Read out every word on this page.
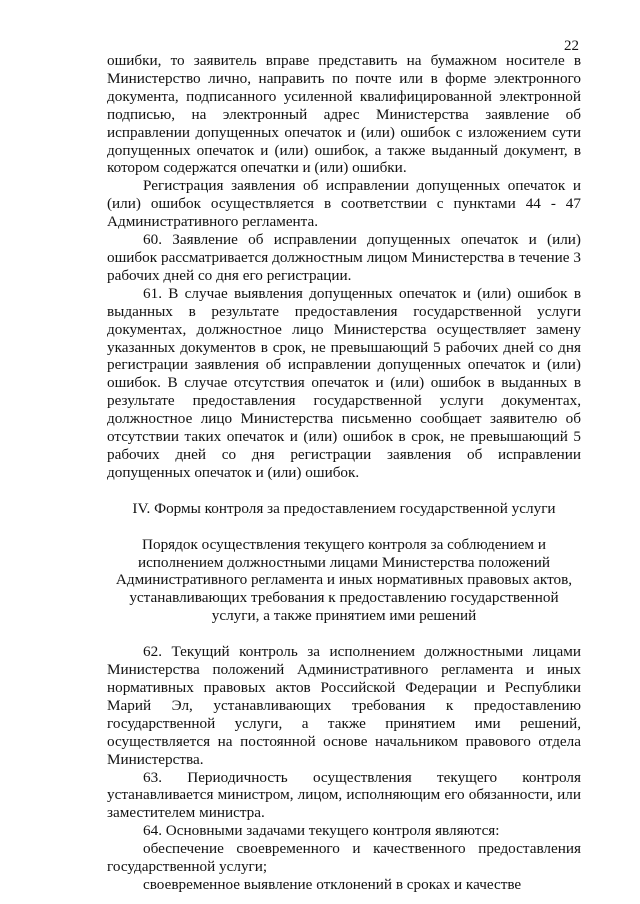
22

ошибки, то заявитель вправе представить на бумажном носителе в Министерство лично, направить по почте или в форме электронного документа, подписанного усиленной квалифицированной электронной подписью, на электронный адрес Министерства заявление об исправлении допущенных опечаток и (или) ошибок с изложением сути допущенных опечаток и (или) ошибок, а также выданный документ, в котором содержатся опечатки и (или) ошибки.

Регистрация заявления об исправлении допущенных опечаток и (или) ошибок осуществляется в соответствии с пунктами 44 - 47 Административного регламента.

60. Заявление об исправлении допущенных опечаток и (или) ошибок рассматривается должностным лицом Министерства в течение 3 рабочих дней со дня его регистрации.

61. В случае выявления допущенных опечаток и (или) ошибок в выданных в результате предоставления государственной услуги документах, должностное лицо Министерства осуществляет замену указанных документов в срок, не превышающий 5 рабочих дней со дня регистрации заявления об исправлении допущенных опечаток и (или) ошибок. В случае отсутствия опечаток и (или) ошибок в выданных в результате предоставления государственной услуги документах, должностное лицо Министерства письменно сообщает заявителю об отсутствии таких опечаток и (или) ошибок в срок, не превышающий 5 рабочих дней со дня регистрации заявления об исправлении допущенных опечаток и (или) ошибок.

IV. Формы контроля за предоставлением государственной услуги

Порядок осуществления текущего контроля за соблюдением и исполнением должностными лицами Министерства положений Административного регламента и иных нормативных правовых актов, устанавливающих требования к предоставлению государственной услуги, а также принятием ими решений

62. Текущий контроль за исполнением должностными лицами Министерства положений Административного регламента и иных нормативных правовых актов Российской Федерации и Республики Марий Эл, устанавливающих требования к предоставлению государственной услуги, а также принятием ими решений, осуществляется на постоянной основе начальником правового отдела Министерства.

63. Периодичность осуществления текущего контроля устанавливается министром, лицом, исполняющим его обязанности, или заместителем министра.

64. Основными задачами текущего контроля являются:

обеспечение своевременного и качественного предоставления государственной услуги;

своевременное выявление отклонений в сроках и качестве
